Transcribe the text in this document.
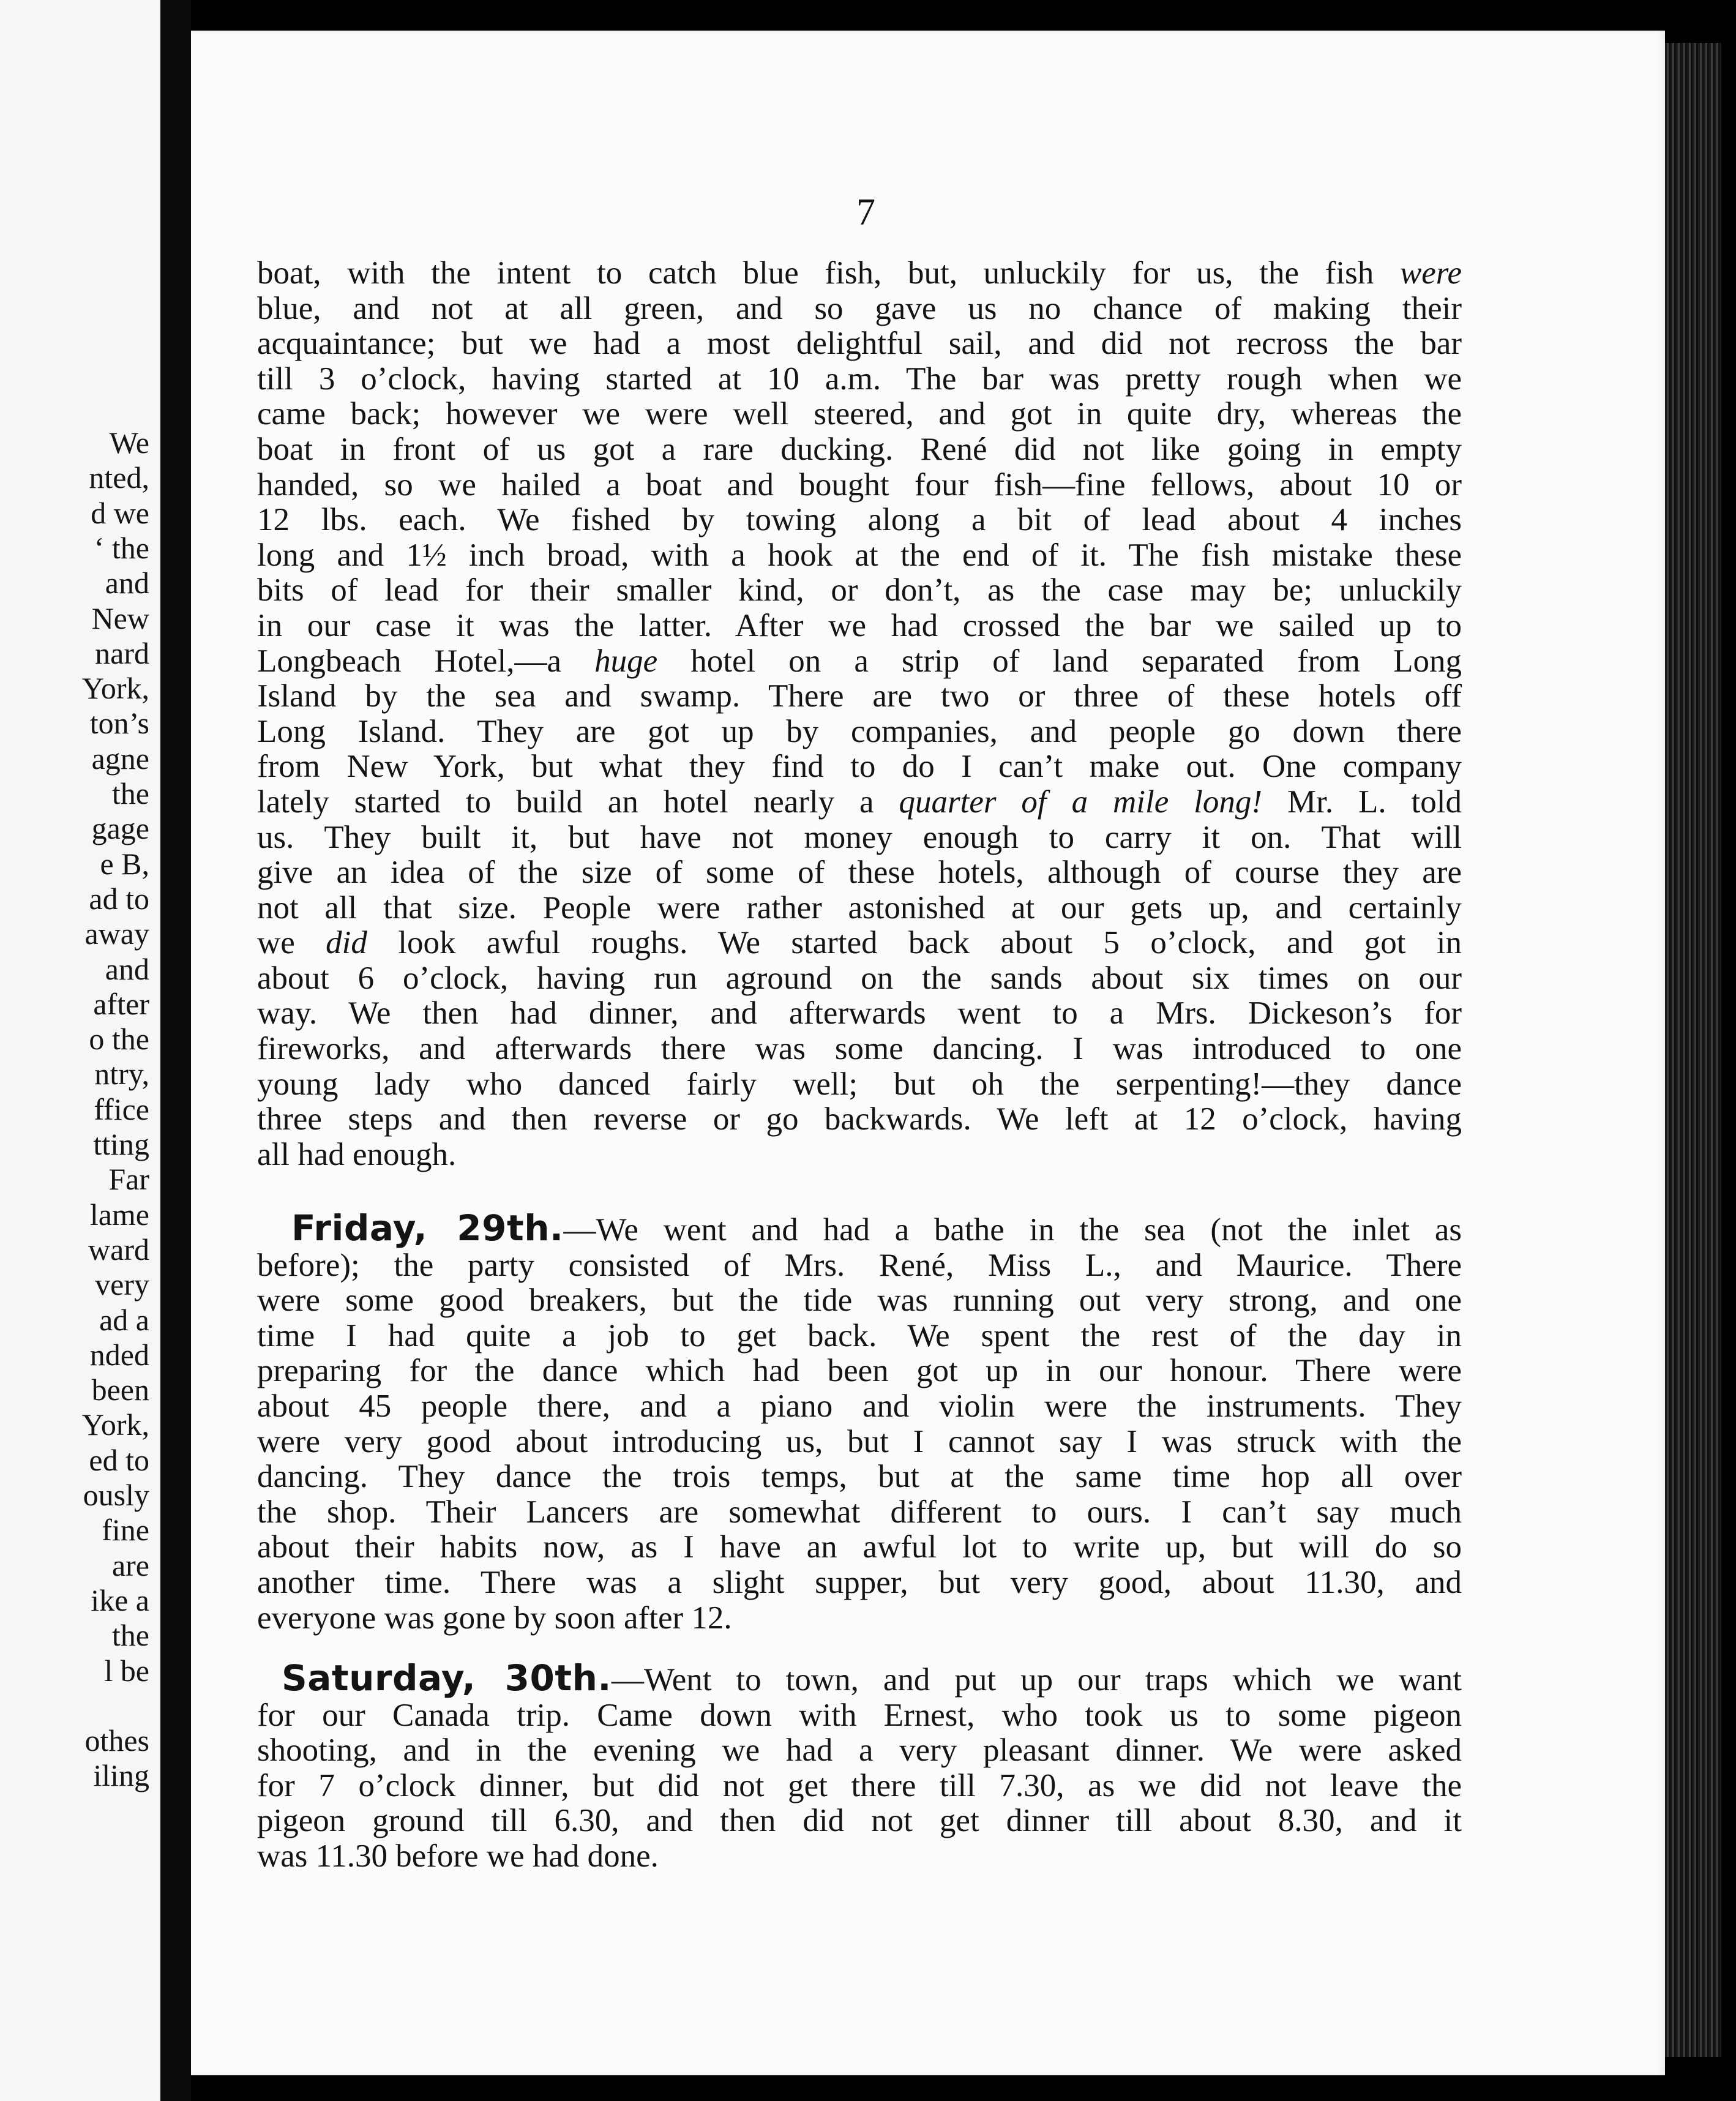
We

nted,

d we

‘ the

and

New

nard

York,

ton’s

agne

the

gage

e B,

ad to

away

and

after

o the

ntry,

ffice

tting

Far

lame

ward

very

ad a

nded

been

York,

ed to

ously

fine

are

ike a

the

l be

othes

iling

7

boat, with the intent to catch blue fish, but, unluckily for us, the fish were
blue, and not at all green, and so gave us no chance of making their
acquaintance; but we had a most delightful sail, and did not recross the bar
till 3 o’clock, having started at 10 a.m. The bar was pretty rough when we
came back; however we were well steered, and got in quite dry, whereas the
boat in front of us got a rare ducking. René did not like going in empty
handed, so we hailed a boat and bought four fish—fine fellows, about 10 or
12 lbs. each. We fished by towing along a bit of lead about 4 inches
long and 1½ inch broad, with a hook at the end of it. The fish mistake these
bits of lead for their smaller kind, or don’t, as the case may be; unluckily
in our case it was the latter. After we had crossed the bar we sailed up to
Longbeach Hotel,—a huge hotel on a strip of land separated from Long
Island by the sea and swamp. There are two or three of these hotels off
Long Island. They are got up by companies, and people go down there
from New York, but what they find to do I can’t make out. One company
lately started to build an hotel nearly a quarter of a mile long! Mr. L. told
us. They built it, but have not money enough to carry it on. That will
give an idea of the size of some of these hotels, although of course they are
not all that size. People were rather astonished at our gets up, and certainly
we did look awful roughs. We started back about 5 o’clock, and got in
about 6 o’clock, having run aground on the sands about six times on our
way. We then had dinner, and afterwards went to a Mrs. Dickeson’s for
fireworks, and afterwards there was some dancing. I was introduced to one
young lady who danced fairly well; but oh the serpenting!—they dance
three steps and then reverse or go backwards. We left at 12 o’clock, having
all had enough.
Friday, 29th.—We went and had a bathe in the sea (not the inlet as
before); the party consisted of Mrs. René, Miss L., and Maurice. There
were some good breakers, but the tide was running out very strong, and one
time I had quite a job to get back. We spent the rest of the day in
preparing for the dance which had been got up in our honour. There were
about 45 people there, and a piano and violin were the instruments. They
were very good about introducing us, but I cannot say I was struck with the
dancing. They dance the trois temps, but at the same time hop all over
the shop. Their Lancers are somewhat different to ours. I can’t say much
about their habits now, as I have an awful lot to write up, but will do so
another time. There was a slight supper, but very good, about 11.30, and
everyone was gone by soon after 12.
Saturday, 30th.—Went to town, and put up our traps which we want
for our Canada trip. Came down with Ernest, who took us to some pigeon
shooting, and in the evening we had a very pleasant dinner. We were asked
for 7 o’clock dinner, but did not get there till 7.30, as we did not leave the
pigeon ground till 6.30, and then did not get dinner till about 8.30, and it
was 11.30 before we had done.
